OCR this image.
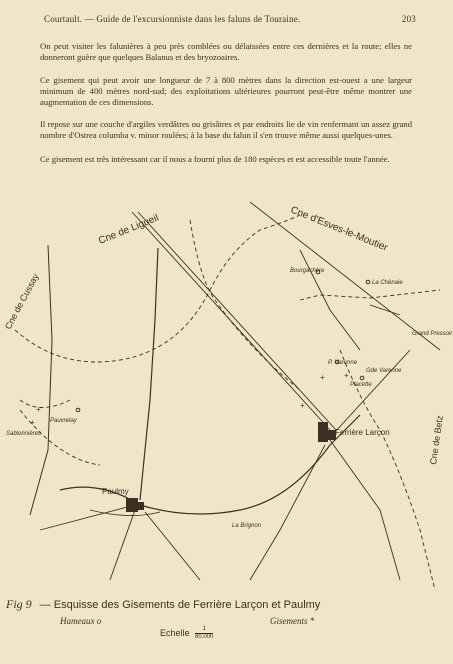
Courtault. — Guide de l'excursionniste dans les faluns de Touraine.	203
On peut visiter les falunières à peu près comblées ou délaissées entre ces dernières et la route; elles ne donneront guère que quelques Balanus et des bryozoaires.
Ce gisement qui peut avoir une longueur de 7 à 800 mètres dans la direction est-ouest a une largeur minimum de 400 mètres nord-sud; des exploitations ultérieures pourront peut-être même montrer une augmentation de ces dimensions.
Il repose sur une couche d'argiles verdâtres ou grisâtres et par endroits lie de vin renfermant un assez grand nombre d'Ostrea columba v. minor roulées; à la base du falun il s'en trouve même aussi quelques-unes.
Ce gisement est très intéressant car il nous a fourni plus de 180 espèces et est accessible toute l'année.
+ +
+
+
+
Cne de Ligueil	Cne d'Esves-le-Moutier
Cne de Cussay
Cne de Betz
Bourgachère
La Chênaie
Grand Pressoir
P. Varenne
Gde Varenne
Placette
Ferrière Larçon
Pauvrelay
Sablonnières
Paulmy
La Brignon
Fig 9 — Esquisse des Gisements de Ferrière Larçon et Paulmy
Hameaux o	Gisements *
Echelle $\frac{1}{80.000}$
